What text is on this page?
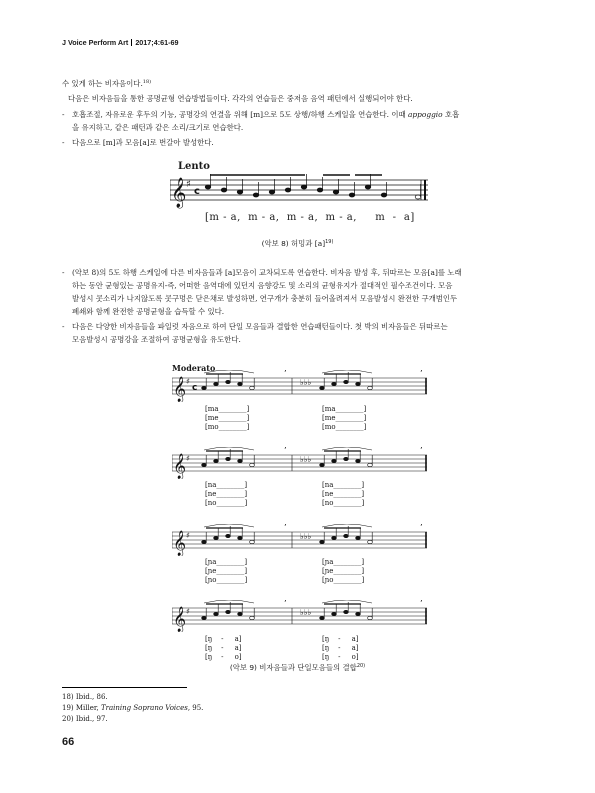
J Voice Perform Art 2017;4:61-69
수 있게 하는 비자음이다.$^{18)}$
다음은 비자음들을 통한 공명균형 연습방법들이다. 각각의 연습들은 중저음 음역 패턴에서 실행되어야 한다.
- 호흡조절, 자유로운 후두의 기능, 공명강의 연결을 위해 [m]으로 5도 상행/하행 스케일을 연습한다. 이때 appoggio 호흡
을 유지하고, 같은 패턴과 같은 소리/크기로 연습한다.
- 다음으로 [m]과 모음[a]로 번갈아 발성한다.
Lento
𝄞 ♯
c
[m - a,  m - a,  m - a,  m - a,     m  -  a]
(악보 8) 허밍과 $[a]^{19)}$
- (악보 8)의 5도 하행 스케일에 다른 비자음들과 [a]모음이 교차되도록 연습한다. 비자음 발성 후, 뒤따르는 모음[a]를 노래
하는 동안 균형있는 공명유지-즉, 어떠한 음역대에 있던지 음향강도 및 소리의 균형유지가 절대적인 필수조건이다. 모음
발성시 콧소리가 나지않도록 콧구멍은 닫은채로 발성하면, 연구개가 충분히 들어올려져서 모음발성시 완전한 구개범인두
폐쇄와 함께 완전한 공명균형을 습득할 수 있다.
- 다음은 다양한 비자음들을 파일럿 자음으로 하여 단일 모음들과 결합한 연습패턴들이다. 첫 박의 비자음들은 뒤따르는
모음발성시 공명강을 조절하여 공명균형을 유도한다.
Moderato
𝄞 ♯
c
♭♭♭
’	’
[ma________]
[me________]
[mo________]
[ma________]
[me________]
[mo________]
𝄞 ♯	♭♭♭
’	’
[na________]
[ne________]
[no________]
[na________]
[ne________]
[no________]
𝄞 ♯	♭♭♭
’	’
[ɲa________]
[ɲe________]
[ɲo________]
[ɲa________]
[ɲe________]
[ɲo________]
𝄞 ♯	♭♭♭
’	’
[ŋ    -     a]
[ŋ    -     a]
[ŋ    -     o]
[ŋ    -     a]
[ŋ    -     a]
[ŋ    -     o]
(악보 9) 비자음들과 단일모음들의 결합$^{20)}$
18) Ibid., 86.
19) Miller, Training Soprano Voices, 95.
20) Ibid., 97.
66
